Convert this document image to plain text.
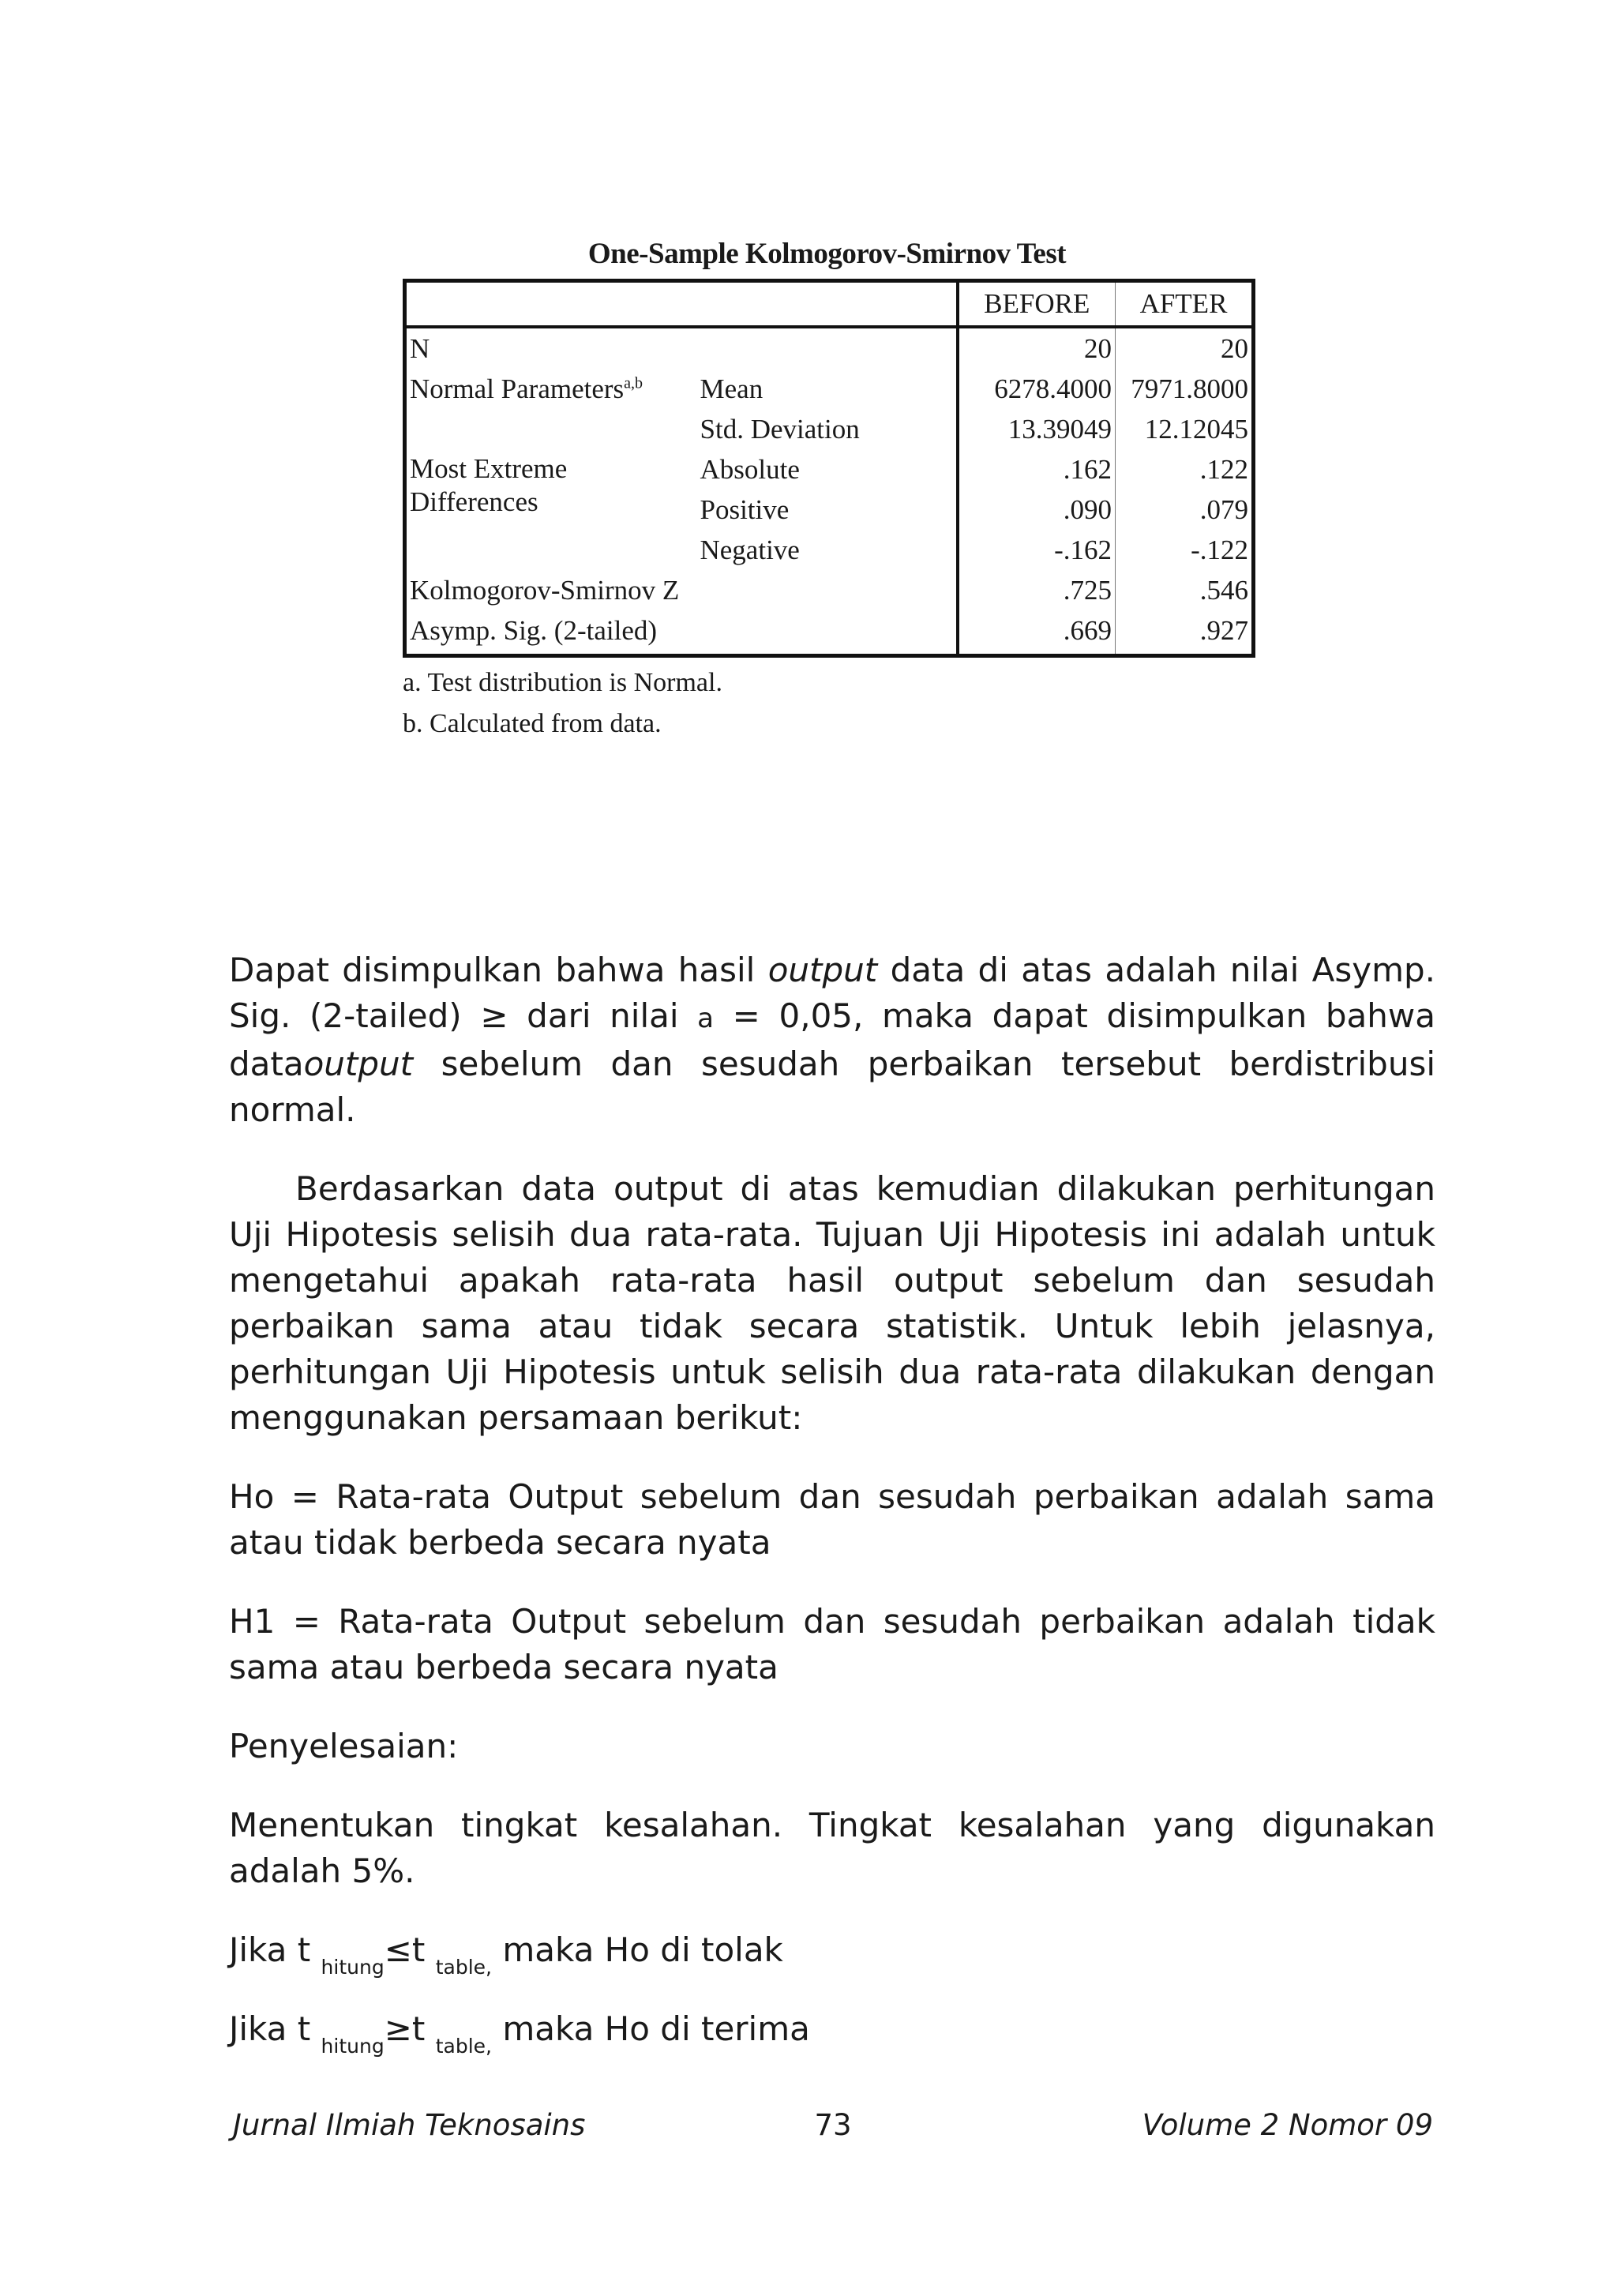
One-Sample Kolmogorov-Smirnov Test
		BEFORE	AFTER
N		20	20
Normal Parameters$^{a,b}$	Mean	6278.4000	7971.8000
	Std. Deviation	13.39049	12.12045
Most Extreme Differences	Absolute	.162	.122
	Positive	.090	.079
	Negative	-.162	-.122
Kolmogorov-Smirnov Z		.725	.546
Asymp. Sig. (2-tailed)		.669	.927
a. Test distribution is Normal.
b. Calculated from data.

Dapat disimpulkan bahwa hasil output data di atas adalah nilai Asymp. Sig. (2-tailed) ≥ dari nilai a = 0,05, maka dapat disimpulkan bahwa dataoutput sebelum dan sesudah perbaikan tersebut berdistribusi normal.

Berdasarkan data output di atas kemudian dilakukan perhitungan Uji Hipotesis selisih dua rata-rata. Tujuan Uji Hipotesis ini adalah untuk mengetahui apakah rata-rata hasil output sebelum dan sesudah perbaikan sama atau tidak secara statistik. Untuk lebih jelasnya, perhitungan Uji Hipotesis untuk selisih dua rata-rata dilakukan dengan menggunakan persamaan berikut:

Ho = Rata-rata Output sebelum dan sesudah perbaikan adalah sama atau tidak berbeda secara nyata

H1 = Rata-rata Output sebelum dan sesudah perbaikan adalah tidak sama atau berbeda secara nyata

Penyelesaian:

Menentukan tingkat kesalahan. Tingkat kesalahan yang digunakan adalah 5%.

Jika t $_{hitung}$≤t $_{table,}$ maka Ho di tolak

Jika t $_{hitung}$≥t $_{table,}$ maka Ho di terima

Jurnal Ilmiah Teknosains	73	Volume 2 Nomor 09
